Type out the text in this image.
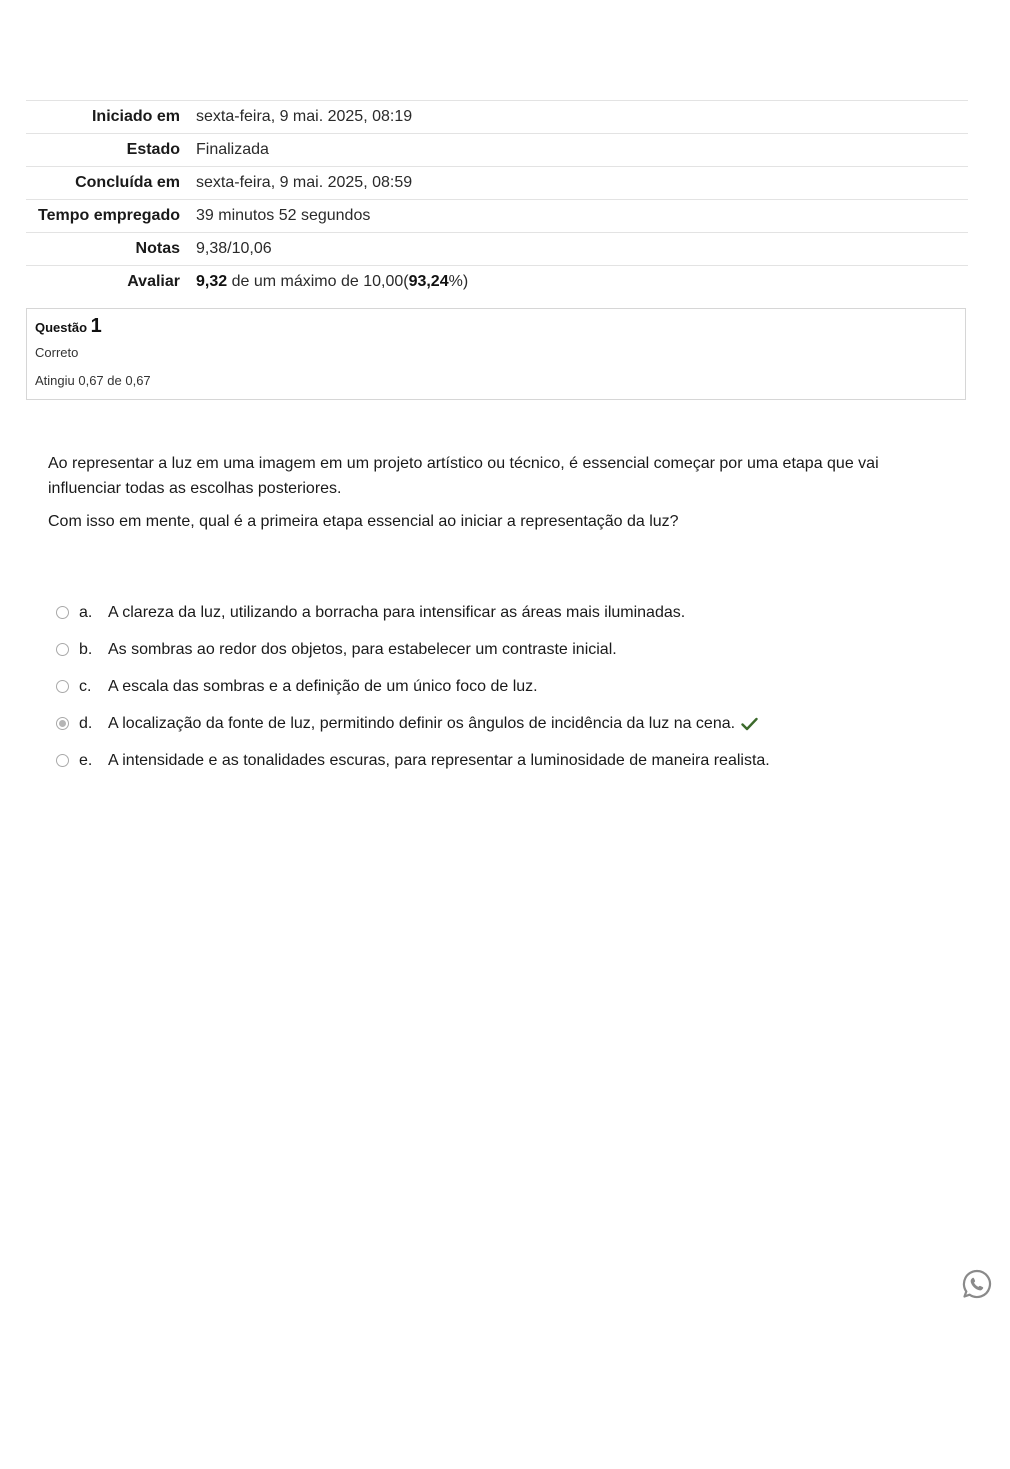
Iniciado em	sexta-feira, 9 mai. 2025, 08:19
Estado	Finalizada
Concluída em	sexta-feira, 9 mai. 2025, 08:59
Tempo empregado	39 minutos 52 segundos
Notas	9,38/10,06
Avaliar	9,32 de um máximo de 10,00(93,24%)
Questão 1
Correto
Atingiu 0,67 de 0,67

Ao representar a luz em uma imagem em um projeto artístico ou técnico, é essencial começar por uma etapa que vai influenciar todas as escolhas posteriores.

Com isso em mente, qual é a primeira etapa essencial ao iniciar a representação da luz?

a. A clareza da luz, utilizando a borracha para intensificar as áreas mais iluminadas.
b. As sombras ao redor dos objetos, para estabelecer um contraste inicial.
c.	A escala das sombras e a definição de um único foco de luz.
d. A localização da fonte de luz, permitindo definir os ângulos de incidência da luz na cena.
e. A intensidade e as tonalidades escuras, para representar a luminosidade de maneira realista.
